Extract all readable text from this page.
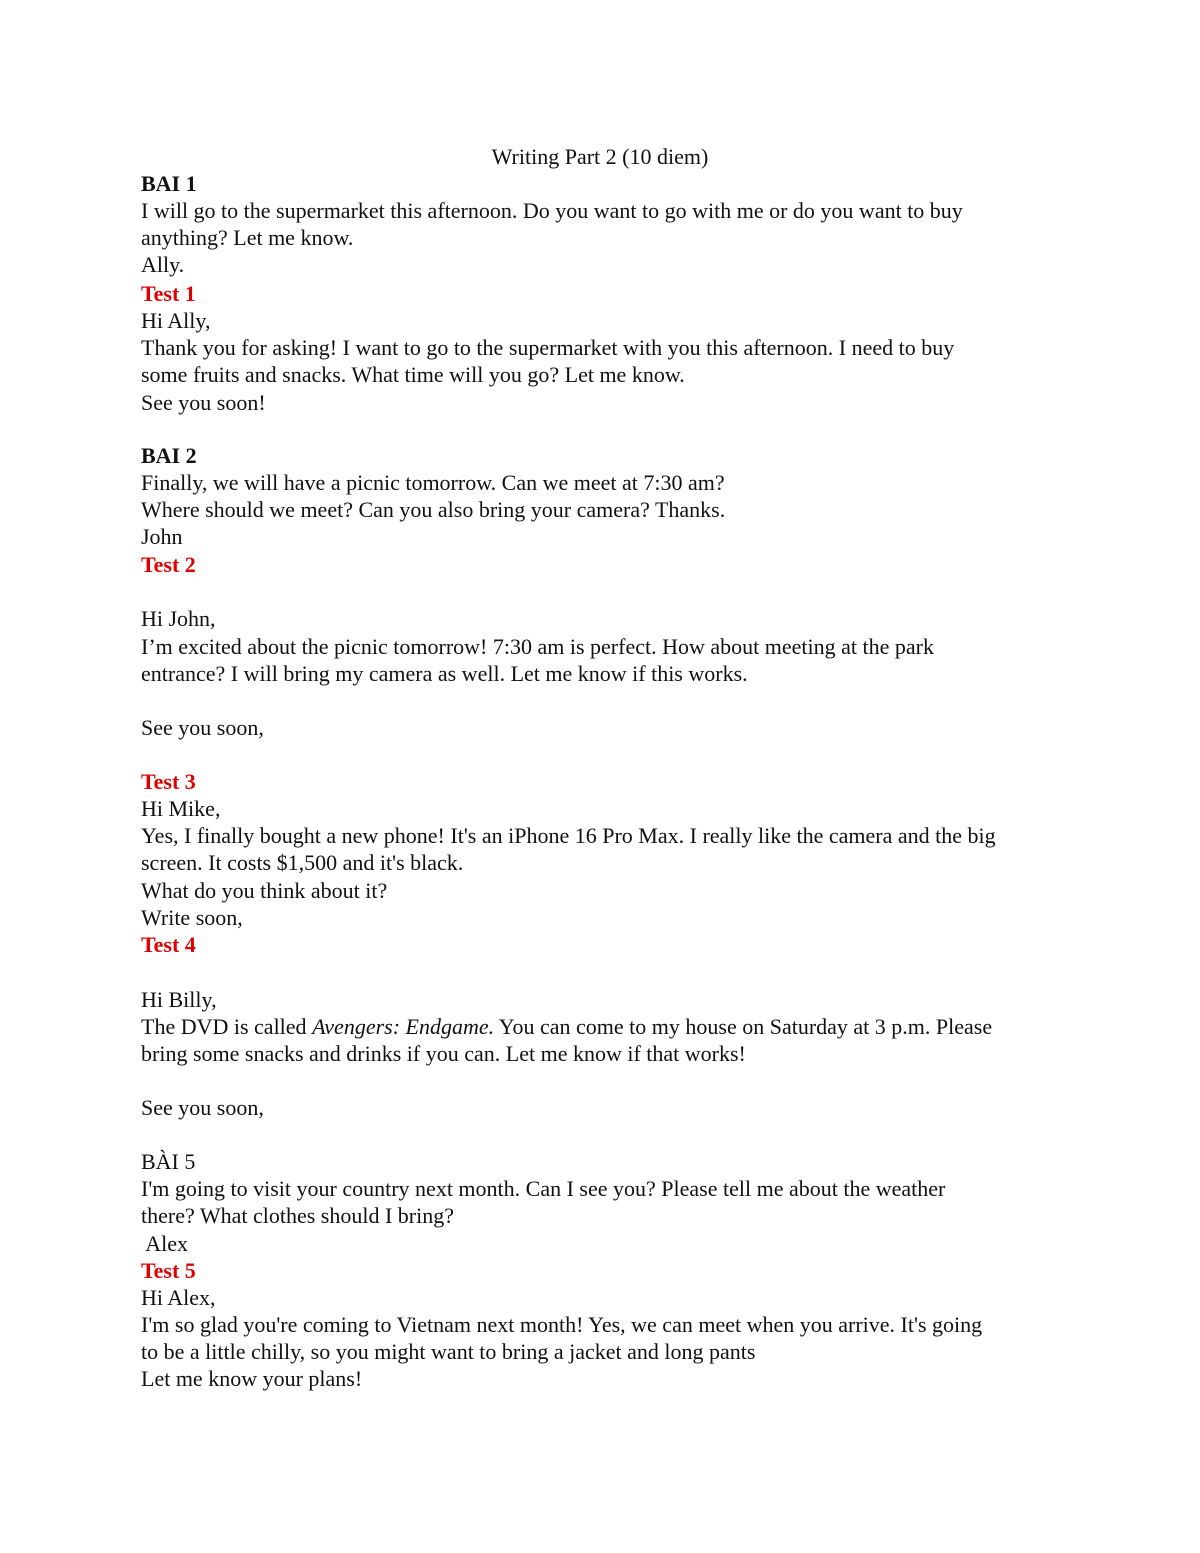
Writing Part 2 (10 diem)
BAI 1
I will go to the supermarket this afternoon. Do you want to go with me or do you want to buy
anything? Let me know.
Ally.
Test 1
Hi Ally,
Thank you for asking! I want to go to the supermarket with you this afternoon. I need to buy
some fruits and snacks. What time will you go? Let me know.
See you soon!
BAI 2
Finally, we will have a picnic tomorrow. Can we meet at 7:30 am?
Where should we meet? Can you also bring your camera? Thanks.
John
Test 2
Hi John,
I’m excited about the picnic tomorrow! 7:30 am is perfect. How about meeting at the park
entrance? I will bring my camera as well. Let me know if this works.
See you soon,
Test 3
Hi Mike,
Yes, I finally bought a new phone! It's an iPhone 16 Pro Max. I really like the camera and the big
screen. It costs $1,500 and it's black.
What do you think about it?
Write soon,
Test 4
Hi Billy,
The DVD is called Avengers: Endgame. You can come to my house on Saturday at 3 p.m. Please
bring some snacks and drinks if you can. Let me know if that works!
See you soon,
BÀI 5
I'm going to visit your country next month. Can I see you? Please tell me about the weather
there? What clothes should I bring?
Alex
Test 5
Hi Alex,
I'm so glad you're coming to Vietnam next month! Yes, we can meet when you arrive. It's going
to be a little chilly, so you might want to bring a jacket and long pants
Let me know your plans!
